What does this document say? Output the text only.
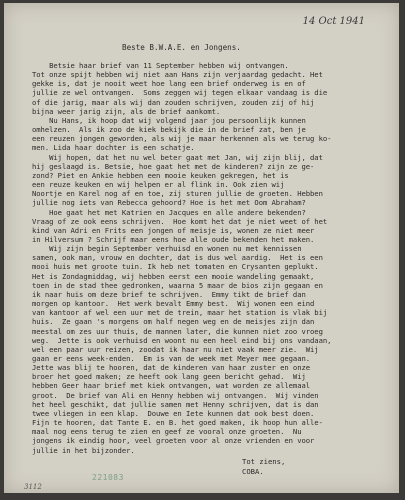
14 Oct 1941
Beste B.W.A.E. en Jongens.
Betsie haar brief van 11 September hebben wij ontvangen.
Tot onze spijt hebben wij niet aan Hans zijn verjaardag gedacht. Het
gekke is, dat je nooit weet hoe lang een brief onderweg is en of
jullie ze wel ontvangen.  Soms zeggen wij tegen elkaar vandaag is die
of die jarig, maar als wij dan zouden schrijven, zouden zij of hij
bijna weer jarig zijn, als de brief aankomt.
Nu Hans, ik hoop dat wij volgend jaar jou persoonlijk kunnen
omhelzen.  Als ik zoo de kiek bekijk die in de brief zat, ben je
een reuzen jongen geworden, als wij je maar herkennen als we terug ko-
men. Lida haar dochter is een schatje.
Wij hopen, dat het nu wel beter gaat met Jan, wij zijn blij, dat
hij geslaagd is. Betsie, hoe gaat het met de kinderen? zijn ze ge-
zond? Piet en Ankie hebben een mooie keuken gekregen, het is
een reuze keuken en wij helpen er al flink in. Ook zien wij
Noortje en Karel nog af en toe, zij sturen jullie de groeten. Hebben
jullie nog iets van Rebecca gehoord? Hoe is het met Oom Abraham?
Hoe gaat het met Katrien en Jacques en alle andere bekenden?
Vraag of ze ook eens schrijven.  Hoe komt het dat je niet weet of het
kind van Adri en Frits een jongen of meisje is, wonen ze niet meer
in Hilversum ? Schrijf maar eens hoe alle oude bekenden het maken.
Wij zijn begin September verhuisd en wonen nu met kennissen
samen, ook man, vrouw en dochter, dat is dus wel aardig.  Het is een
mooi huis met groote tuin. Ik heb net tomaten en Crysanten geplukt.
Het is Zondagmiddag, wij hebben eerst een mooie wandeling gemaakt,
toen in de stad thee gedronken, waarna 5 maar de bios zijn gegaan en
ik naar huis om deze brief te schrijven.  Emmy tikt de brief dan
morgen op kantoor.  Het werk bevalt Emmy best.  Wij wonen een eind
van kantoor af wel een uur met de trein, maar het station is vlak bij
huis.  Ze gaan 's morgens om half negen weg en de meisjes zijn dan
meestal om zes uur thuis, de mannen later, die kunnen niet zoo vroeg
weg.  Jette is ook verhuisd en woont nu een heel eind bij ons vandaan,
wel een paar uur reizen, zoodat ik haar nu niet vaak meer zie.  Wij
gaan er eens week-enden.  Em is van de week met Meyer mee gegaan.
Jette was blij te hooren, dat de kinderen van haar zuster en onze
broer het goed maken; ze heeft ook lang geen bericht gehad.  Wij
hebben Geer haar brief met kiek ontvangen, wat worden ze allemaal
groot.  De brief van Ali en Henny hebben wij ontvangen.  Wij vinden
het heel geschikt, dat jullie samen met Henny schrijven, dat is dan
twee vliegen in een klap.  Douwe en Iete kunnen dat ook best doen.
Fijn te hooren, dat Tante E. en B. het goed maken, ik hoop hun alle-
maal nog eens terug te zien en geef ze vooral onze groeten.  Nu
jongens ik eindig hoor, veel groeten voor al onze vrienden en voor
jullie in het bijzonder.
Tot ziens,
COBA.
221083
3112
